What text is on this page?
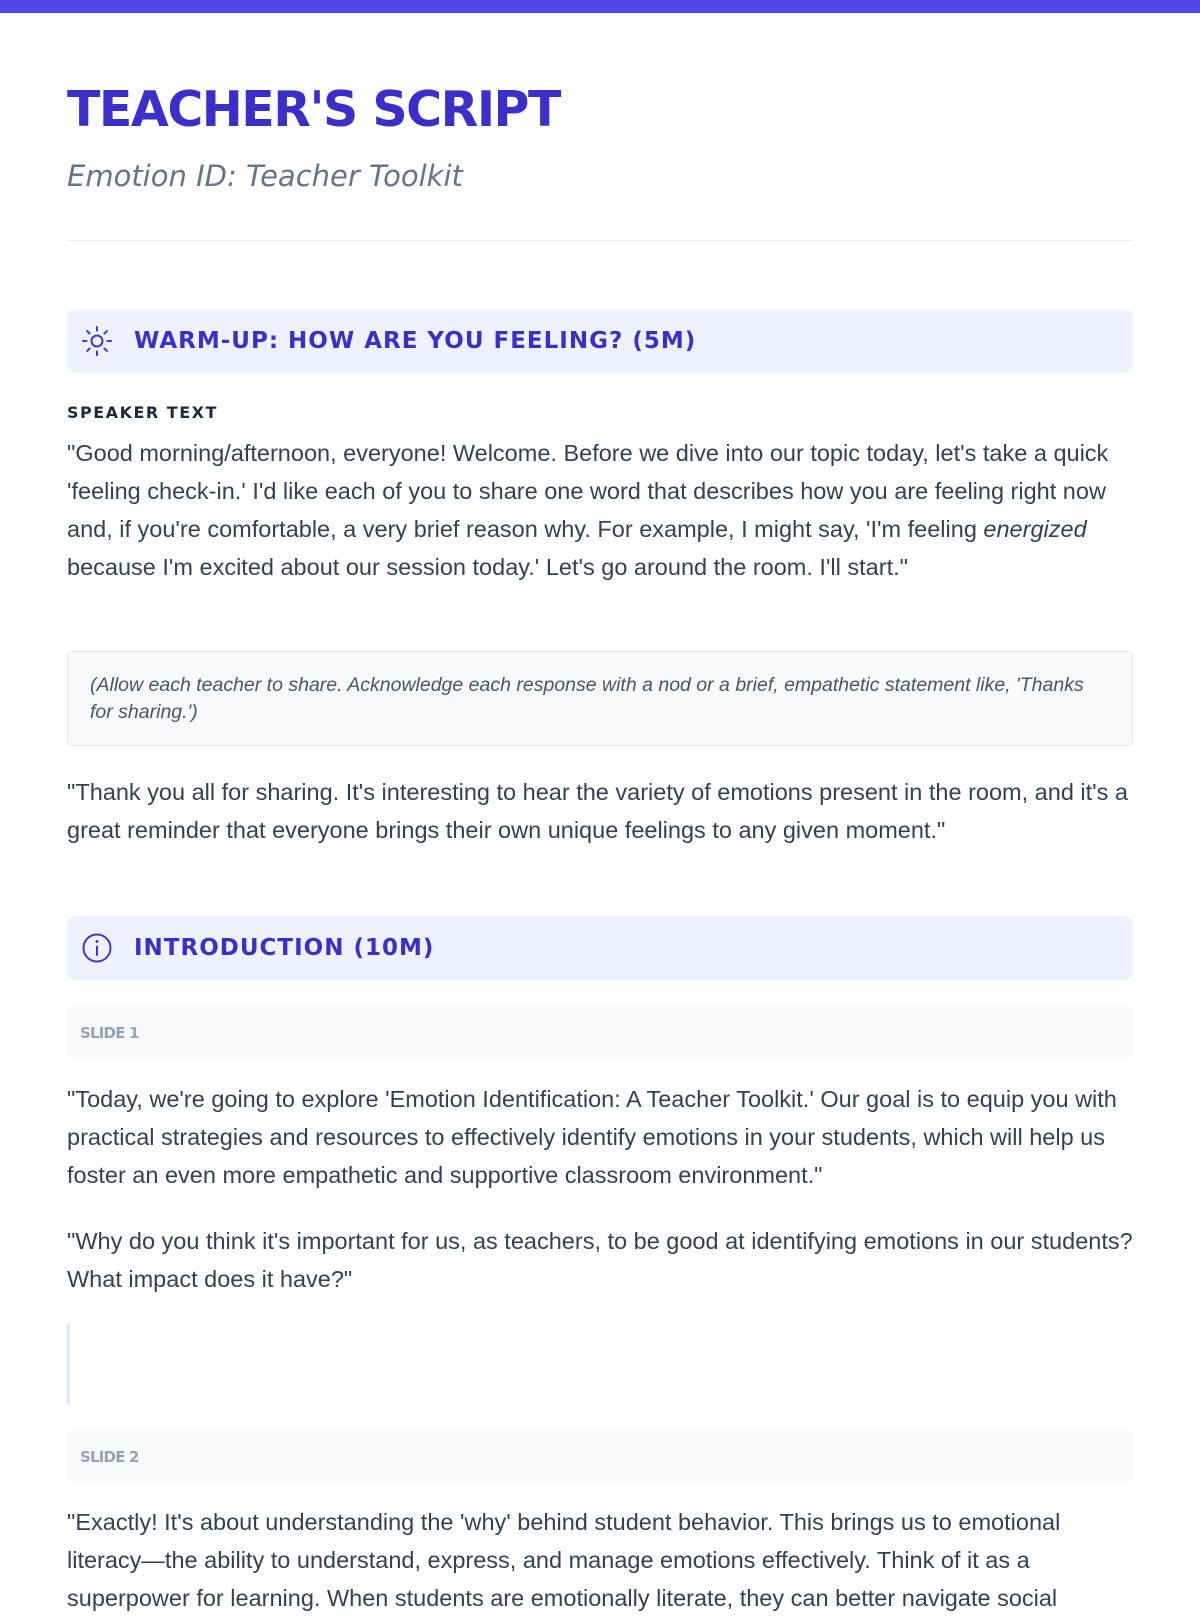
TEACHER'S SCRIPT
Emotion ID: Teacher Toolkit
WARM-UP: HOW ARE YOU FEELING? (5M)
SPEAKER TEXT

"Good morning/afternoon, everyone! Welcome. Before we dive into our topic today, let's take a quick 'feeling check-in.' I'd like each of you to share one word that describes how you are feeling right now and, if you're comfortable, a very brief reason why. For example, I might say, 'I'm feeling energized because I'm excited about our session today.' Let's go around the room. I'll start."

(Allow each teacher to share. Acknowledge each response with a nod or a brief, empathetic statement like, 'Thanks for sharing.')

"Thank you all for sharing. It's interesting to hear the variety of emotions present in the room, and it's a great reminder that everyone brings their own unique feelings to any given moment."

INTRODUCTION (10M)
SLIDE 1

"Today, we're going to explore 'Emotion Identification: A Teacher Toolkit.' Our goal is to equip you with practical strategies and resources to effectively identify emotions in your students, which will help us foster an even more empathetic and supportive classroom environment."

"Why do you think it's important for us, as teachers, to be good at identifying emotions in our students? What impact does it have?"

SLIDE 2

"Exactly! It's about understanding the 'why' behind student behavior. This brings us to emotional literacy—the ability to understand, express, and manage emotions effectively. Think of it as a superpower for learning. When students are emotionally literate, they can better navigate social
